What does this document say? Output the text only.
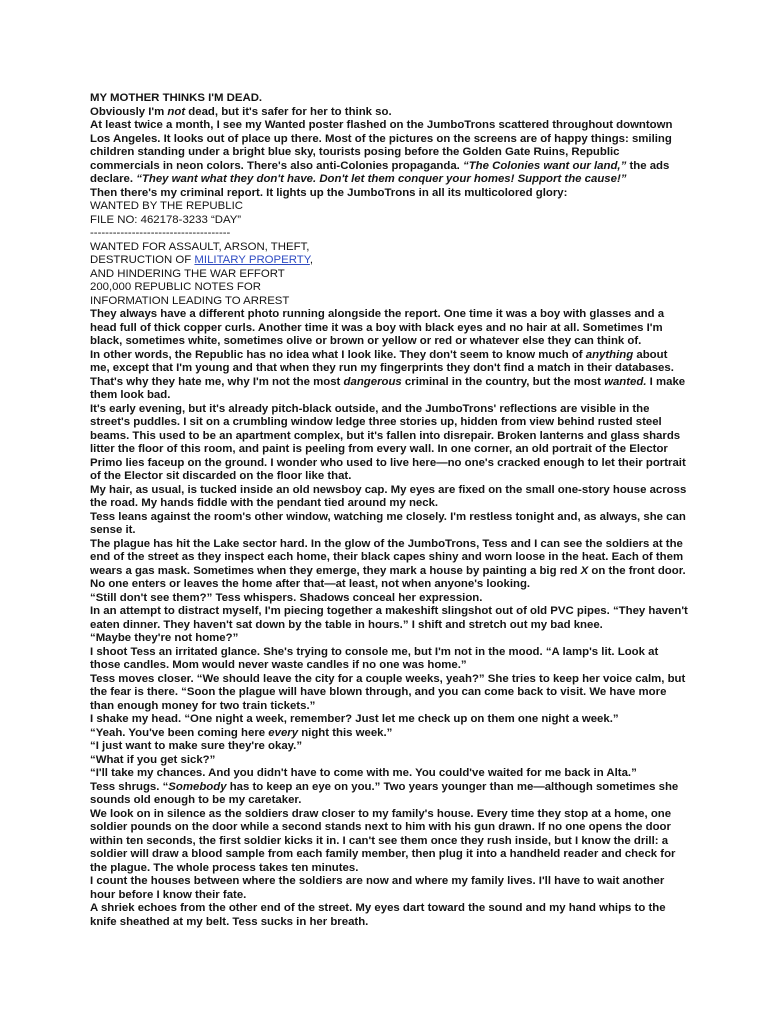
MY MOTHER THINKS I'M DEAD.

Obviously I'm not dead, but it's safer for her to think so.

At least twice a month, I see my Wanted poster flashed on the JumboTrons scattered throughout downtown Los Angeles. It looks out of place up there. Most of the pictures on the screens are of happy things: smiling children standing under a bright blue sky, tourists posing before the Golden Gate Ruins, Republic commercials in neon colors. There's also anti-Colonies propaganda. “The Colonies want our land,” the ads declare. “They want what they don't have. Don't let them conquer your homes! Support the cause!”

Then there's my criminal report. It lights up the JumboTrons in all its multicolored glory:

WANTED BY THE REPUBLIC
FILE NO: 462178-3233 “DAY”
-------------------------------------
WANTED FOR ASSAULT, ARSON, THEFT,
DESTRUCTION OF MILITARY PROPERTY,
AND HINDERING THE WAR EFFORT
200,000 REPUBLIC NOTES FOR
INFORMATION LEADING TO ARREST

They always have a different photo running alongside the report. One time it was a boy with glasses and a head full of thick copper curls. Another time it was a boy with black eyes and no hair at all. Sometimes I'm black, sometimes white, sometimes olive or brown or yellow or red or whatever else they can think of.

In other words, the Republic has no idea what I look like. They don't seem to know much of anything about me, except that I'm young and that when they run my fingerprints they don't find a match in their databases. That's why they hate me, why I'm not the most dangerous criminal in the country, but the most wanted. I make them look bad.

It's early evening, but it's already pitch-black outside, and the JumboTrons' reflections are visible in the street's puddles. I sit on a crumbling window ledge three stories up, hidden from view behind rusted steel beams. This used to be an apartment complex, but it's fallen into disrepair. Broken lanterns and glass shards litter the floor of this room, and paint is peeling from every wall. In one corner, an old portrait of the Elector Primo lies faceup on the ground. I wonder who used to live here—no one's cracked enough to let their portrait of the Elector sit discarded on the floor like that.

My hair, as usual, is tucked inside an old newsboy cap. My eyes are fixed on the small one-story house across the road. My hands fiddle with the pendant tied around my neck.

Tess leans against the room's other window, watching me closely. I'm restless tonight and, as always, she can sense it.

The plague has hit the Lake sector hard. In the glow of the JumboTrons, Tess and I can see the soldiers at the end of the street as they inspect each home, their black capes shiny and worn loose in the heat. Each of them wears a gas mask. Sometimes when they emerge, they mark a house by painting a big red X on the front door. No one enters or leaves the home after that—at least, not when anyone's looking.

“Still don't see them?” Tess whispers. Shadows conceal her expression.

In an attempt to distract myself, I'm piecing together a makeshift slingshot out of old PVC pipes. “They haven't eaten dinner. They haven't sat down by the table in hours.” I shift and stretch out my bad knee.

“Maybe they're not home?”

I shoot Tess an irritated glance. She's trying to console me, but I'm not in the mood. “A lamp's lit. Look at those candles. Mom would never waste candles if no one was home.”

Tess moves closer. “We should leave the city for a couple weeks, yeah?” She tries to keep her voice calm, but the fear is there. “Soon the plague will have blown through, and you can come back to visit. We have more than enough money for two train tickets.”

I shake my head. “One night a week, remember? Just let me check up on them one night a week.”

“Yeah. You've been coming here every night this week.”

“I just want to make sure they're okay.”

“What if you get sick?”

“I'll take my chances. And you didn't have to come with me. You could've waited for me back in Alta.”

Tess shrugs. “Somebody has to keep an eye on you.” Two years younger than me—although sometimes she sounds old enough to be my caretaker.

We look on in silence as the soldiers draw closer to my family's house. Every time they stop at a home, one soldier pounds on the door while a second stands next to him with his gun drawn. If no one opens the door within ten seconds, the first soldier kicks it in. I can't see them once they rush inside, but I know the drill: a soldier will draw a blood sample from each family member, then plug it into a handheld reader and check for the plague. The whole process takes ten minutes.

I count the houses between where the soldiers are now and where my family lives. I'll have to wait another hour before I know their fate.

A shriek echoes from the other end of the street. My eyes dart toward the sound and my hand whips to the knife sheathed at my belt. Tess sucks in her breath.
